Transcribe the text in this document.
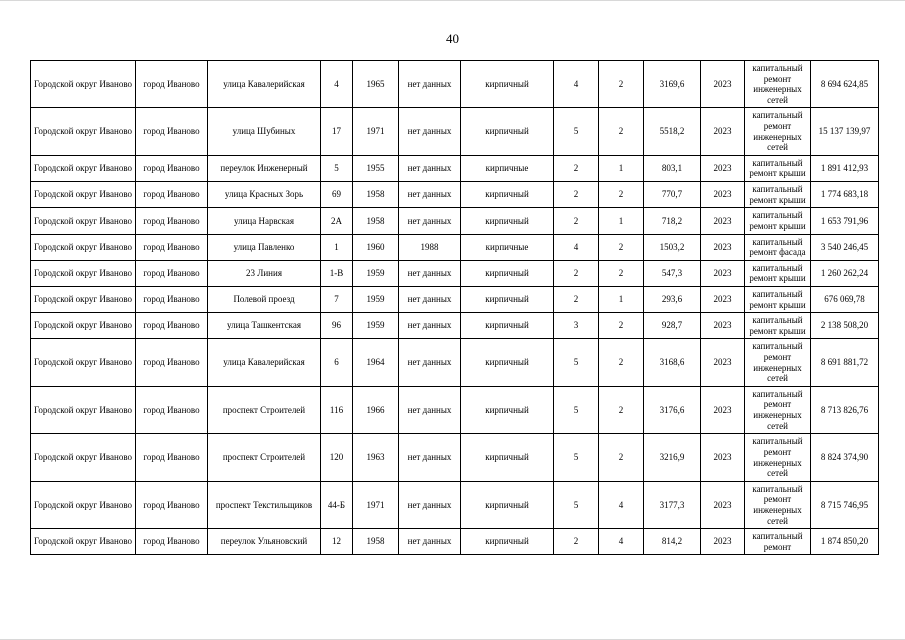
40
Городской округ Иваново	город Иваново	улица Кавалерийская	4	1965	нет данных	кирпичный	4	2	3169,6	2023	капитальный ремонт инженерных сетей	8 694 624,85
Городской округ Иваново	город Иваново	улица Шубиных	17	1971	нет данных	кирпичный	5	2	5518,2	2023	капитальный ремонт инженерных сетей	15 137 139,97
Городской округ Иваново	город Иваново	переулок Инженерный	5	1955	нет данных	кирпичные	2	1	803,1	2023	капитальный ремонт крыши	1 891 412,93
Городской округ Иваново	город Иваново	улица Красных Зорь	69	1958	нет данных	кирпичный	2	2	770,7	2023	капитальный ремонт крыши	1 774 683,18
Городской округ Иваново	город Иваново	улица Нарвская	2А	1958	нет данных	кирпичный	2	1	718,2	2023	капитальный ремонт крыши	1 653 791,96
Городской округ Иваново	город Иваново	улица Павленко	1	1960	1988	кирпичные	4	2	1503,2	2023	капитальный ремонт фасада	3 540 246,45
Городской округ Иваново	город Иваново	23 Линия	1-В	1959	нет данных	кирпичный	2	2	547,3	2023	капитальный ремонт крыши	1 260 262,24
Городской округ Иваново	город Иваново	Полевой проезд	7	1959	нет данных	кирпичный	2	1	293,6	2023	капитальный ремонт крыши	676 069,78
Городской округ Иваново	город Иваново	улица Ташкентская	96	1959	нет данных	кирпичный	3	2	928,7	2023	капитальный ремонт крыши	2 138 508,20
Городской округ Иваново	город Иваново	улица Кавалерийская	6	1964	нет данных	кирпичный	5	2	3168,6	2023	капитальный ремонт инженерных сетей	8 691 881,72
Городской округ Иваново	город Иваново	проспект Строителей	116	1966	нет данных	кирпичный	5	2	3176,6	2023	капитальный ремонт инженерных сетей	8 713 826,76
Городской округ Иваново	город Иваново	проспект Строителей	120	1963	нет данных	кирпичный	5	2	3216,9	2023	капитальный ремонт инженерных сетей	8 824 374,90
Городской округ Иваново	город Иваново	проспект Текстильщиков	44-Б	1971	нет данных	кирпичный	5	4	3177,3	2023	капитальный ремонт инженерных сетей	8 715 746,95
Городской округ Иваново	город Иваново	переулок Ульяновский	12	1958	нет данных	кирпичный	2	4	814,2	2023	капитальный ремонт	1 874 850,20
